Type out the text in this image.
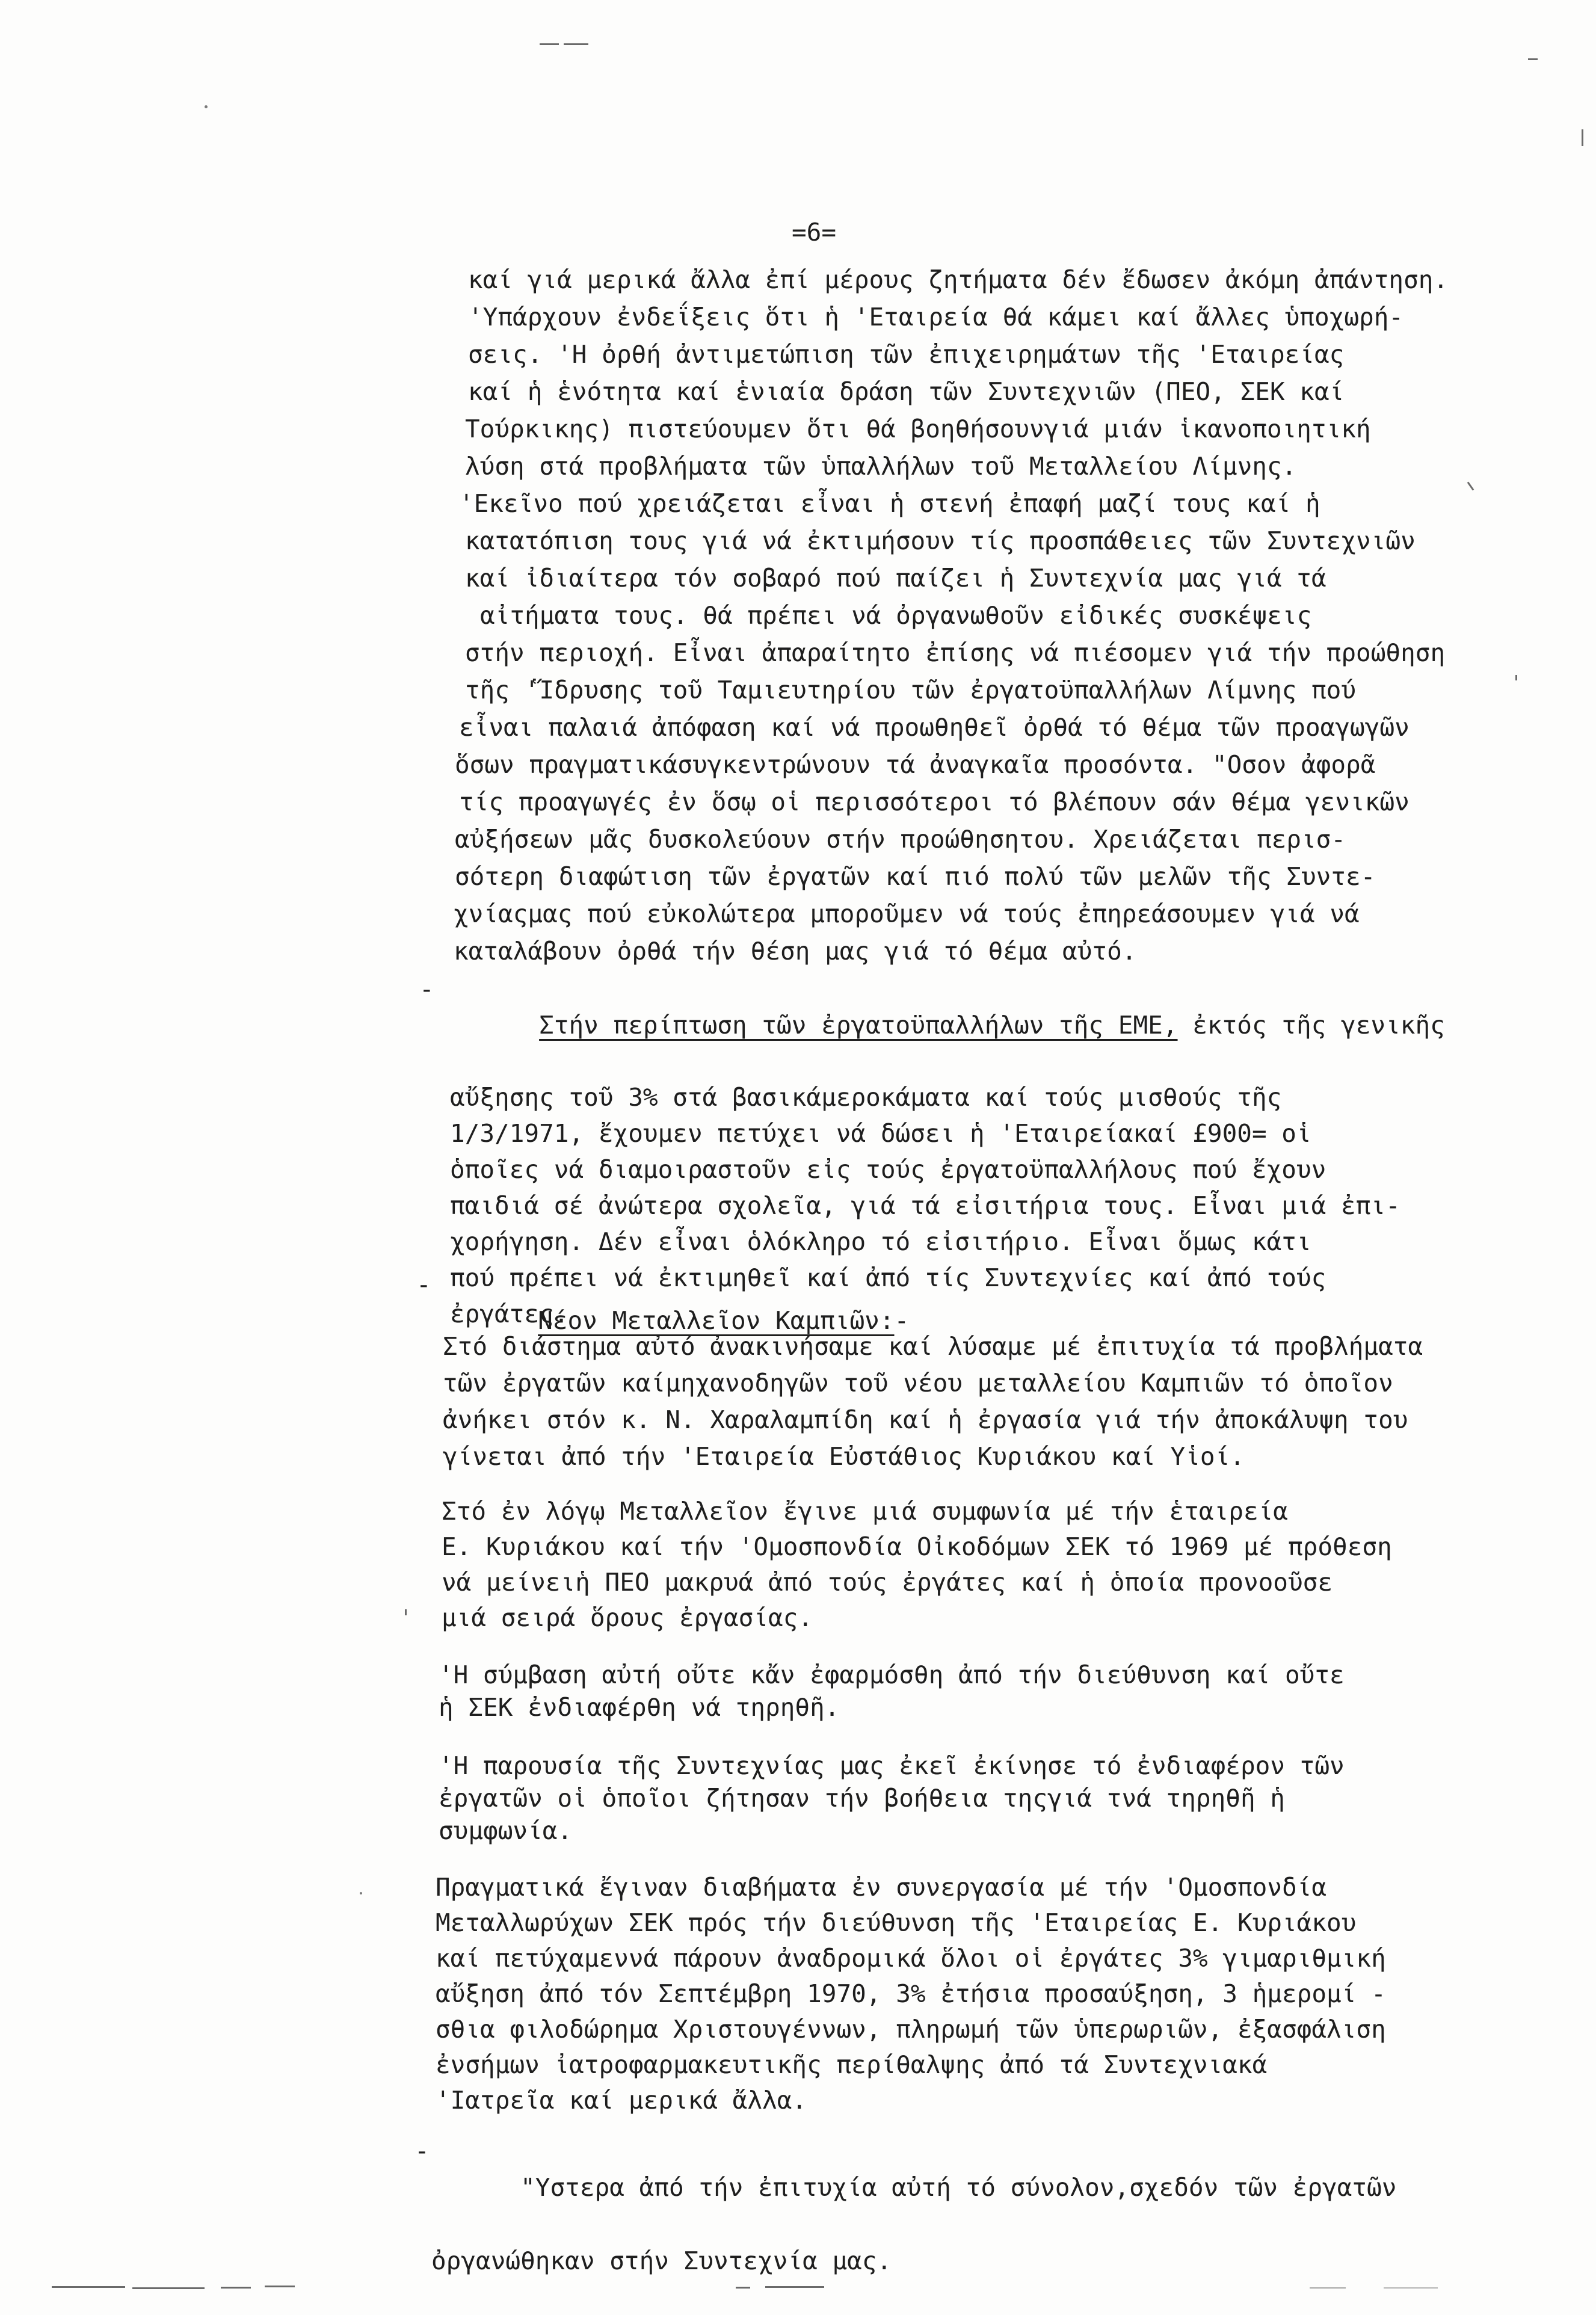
=6=
καί γιά μερικά ἄλλα ἐπί μέρους ζητήματα δέν ἔδωσεν ἀκόμη ἀπάντηση.
'Υπάρχουν ἐνδεΐξεις ὅτι ἡ 'Εταιρεία θά κάμει καί ἄλλες ὑποχωρή-
σεις. 'Η ὀρθή ἀντιμετώπιση τῶν ἐπιχειρημάτων τῆς 'Εταιρείας
καί ἡ ἑνότητα καί ἑνιαία δράση τῶν Συντεχνιῶν (ΠΕΟ, ΣΕΚ καί
Τούρκικης) πιστεύουμεν ὅτι θά βοηθήσουνγιά μιάν ἱκανοποιητική
λύση στά προβλήματα τῶν ὑπαλλήλων τοῦ Μεταλλείου Λίμνης.
'Εκεῖνο πού χρειάζεται εἶναι ἡ στενή ἐπαφή μαζί τους καί ἡ
κατατόπιση τους γιά νά ἐκτιμήσουν τίς προσπάθειες τῶν Συντεχνιῶν
καί ἰδιαίτερα τόν σοβαρό πού παίζει ἡ Συντεχνία μας γιά τά
αἰτήματα τους. θά πρέπει νά ὀργανωθοῦν εἰδικές συσκέψεις
στήν περιοχή. Εἶναι ἀπαραίτητο ἐπίσης νά πιέσομεν γιά τήν προώθηση
τῆς 'Ἵδρυσης τοῦ Ταμιευτηρίου τῶν ἐργατοϋπαλλήλων Λίμνης πού
εἶναι παλαιά ἀπόφαση καί νά προωθηθεῖ ὀρθά τό θέμα τῶν προαγωγῶν
ὅσων πραγματικάσυγκεντρώνουν τά ἀναγκαῖα προσόντα. "Οσον ἀφορᾶ
τίς προαγωγές ἐν ὅσῳ οἱ περισσότεροι τό βλέπουν σάν θέμα γενικῶν
αὐξήσεων μᾶς δυσκολεύουν στήν προώθησητου. Χρειάζεται περισ-
σότερη διαφώτιση τῶν ἐργατῶν καί πιό πολύ τῶν μελῶν τῆς Συντε-
χνίαςμας πού εὐκολώτερα μποροῦμεν νά τούς ἐπηρεάσουμεν γιά νά
καταλάβουν ὀρθά τήν θέση μας γιά τό θέμα αὐτό.

-
Στήν περίπτωση τῶν ἐργατοϋπαλλήλων τῆς ΕΜΕ, ἐκτός τῆς γενικῆς

αὔξησης τοῦ 3% στά βασικάμεροκάματα καί τούς μισθούς τῆς
1/3/1971, ἔχουμεν πετύχει νά δώσει ἡ 'Εταιρείακαί £900= οἱ
ὁποῖες νά διαμοιραστοῦν εἰς τούς ἐργατοϋπαλλήλους πού ἔχουν
παιδιά σέ ἀνώτερα σχολεῖα, γιά τά εἰσιτήρια τους. Εἶναι μιά ἐπι-
χορήγηση. Δέν εἶναι ὁλόκληρο τό εἰσιτήριο. Εἶναι ὅμως κάτι
πού πρέπει νά ἐκτιμηθεῖ καί ἀπό τίς Συντεχνίες καί ἀπό τούς
ἐργάτες.

-
Νέον Μεταλλεῖον Καμπιῶν:-

Στό διάστημα αὐτό ἀνακινήσαμε καί λύσαμε μέ ἐπιτυχία τά προβλήματα
τῶν ἐργατῶν καίμηχανοδηγῶν τοῦ νέου μεταλλείου Καμπιῶν τό ὁποῖον
ἀνήκει στόν κ. Ν. Χαραλαμπίδη καί ἡ ἐργασία γιά τήν ἀποκάλυψη του
γίνεται ἀπό τήν 'Εταιρεία Εὐστάθιος Κυριάκου καί Υἱοί.
Στό ἐν λόγῳ Μεταλλεῖον ἔγινε μιά συμφωνία μέ τήν ἑταιρεία
Ε. Κυριάκου καί τήν 'Ομοσπονδία Οἰκοδόμων ΣΕΚ τό 1969 μέ πρόθεση
νά μείνειἡ ΠΕΟ μακρυά ἀπό τούς ἐργάτες καί ἡ ὁποία προνοοῦσε
μιά σειρά ὅρους ἐργασίας.
'Η σύμβαση αὐτή οὔτε κἄν ἐφαρμόσθη ἀπό τήν διεύθυνση καί οὔτε
ἡ ΣΕΚ ἐνδιαφέρθη νά τηρηθῆ.
'Η παρουσία τῆς Συντεχνίας μας ἐκεῖ ἐκίνησε τό ἐνδιαφέρον τῶν
ἐργατῶν οἱ ὁποῖοι ζήτησαν τήν βοήθεια τηςγιά τνά τηρηθῆ ἡ
συμφωνία.
Πραγματικά ἔγιναν διαβήματα ἐν συνεργασία μέ τήν 'Ομοσπονδία
Μεταλλωρύχων ΣΕΚ πρός τήν διεύθυνση τῆς 'Εταιρείας Ε. Κυριάκου
καί πετύχαμεννά πάρουν ἀναδρομικά ὅλοι οἱ ἐργάτες 3% γιμαριθμική
αὔξηση ἀπό τόν Σεπτέμβρη 1970, 3% ἐτήσια προσαύξηση, 3 ἡμερομί -
σθια φιλοδώρημα Χριστουγέννων, πληρωμή τῶν ὑπερωριῶν, ἐξασφάλιση
ἐνσήμων ἰατροφαρμακευτικῆς περίθαλψης ἀπό τά Συντεχνιακά
'Ιατρεῖα καί μερικά ἄλλα.

-
"Υστερα ἀπό τήν ἐπιτυχία αὐτή τό σύνολον,σχεδόν τῶν ἐργατῶν

ὀργανώθηκαν στήν Συντεχνία μας.
